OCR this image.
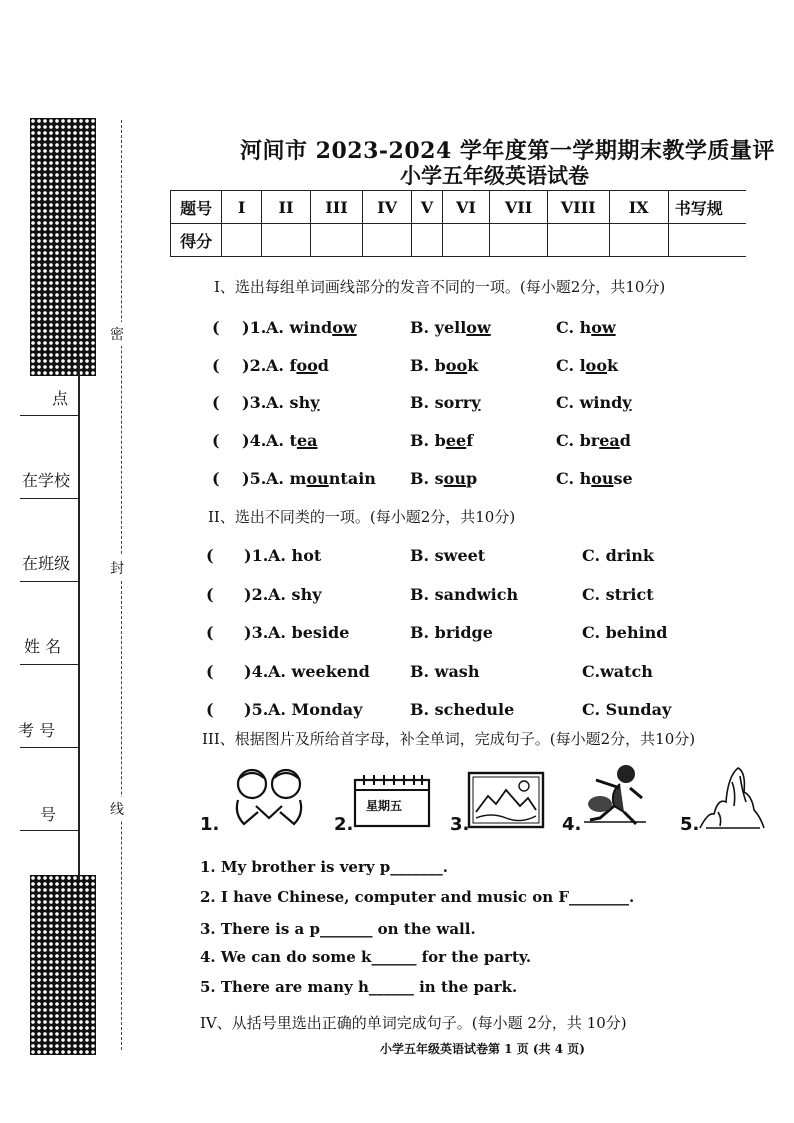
点
在学校
在班级
姓 名
考 号
号
密
封
线
河间市 2023-2024 学年度第一学期期末教学质量评
小学五年级英语试卷
题号	I	II	III	IV	V	VI	VII	VIII	IX	书写规
得分										
I、选出每组单词画线部分的发音不同的一项。(每小题2分，共10分)
( )1. A. window	B. yellow	C. how
( )2. A. food	B. book	C. look
( )3. A. shy	B. sorry	C. windy
( )4. A. tea	B. beef	C. bread
( )5. A. mountain B. soup	C. house
II、选出不同类的一项。(每小题2分，共10分)
( )1. A. hot	B. sweet	C. drink
( )2. A. shy	B. sandwich	C. strict
( )3. A. beside	B. bridge	C. behind
( )4. A. weekend	B. wash	C.watch
( )5. A. Monday	B. schedule	C. Sunday
III、根据图片及所给首字母，补全单词，完成句子。(每小题2分，共10分)
1.	2.
星期五
3.	4.	5.
1. My brother is very p_______.
2. I have Chinese, computer and music on F________.
3. There is a p_______ on the wall.
4. We can do some k______ for the party.
5. There are many h______ in the park.
IV、从括号里选出正确的单词完成句子。(每小题 2分，共 10分)
小学五年级英语试卷第 1 页 (共 4 页)
